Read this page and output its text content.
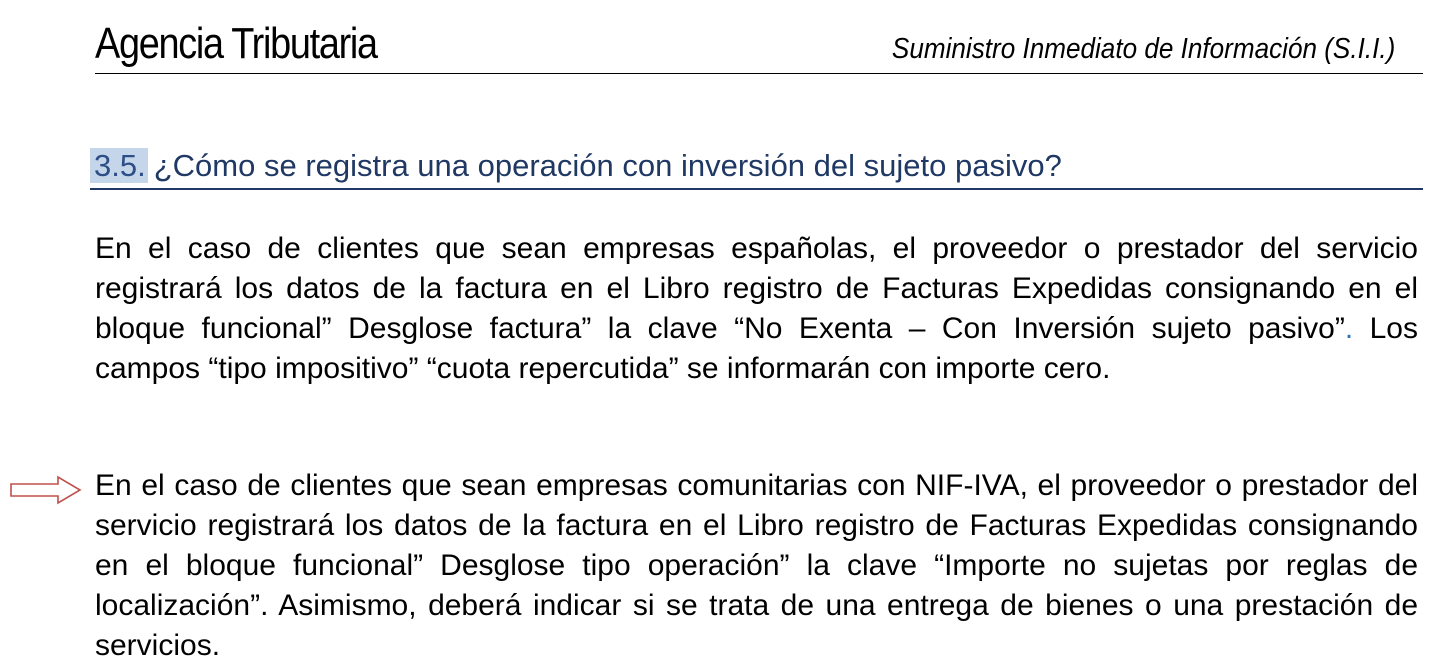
Agencia Tributaria	Suministro Inmediato de Información (S.I.I.)
3.5. ¿Cómo se registra una operación con inversión del sujeto pasivo?
En el caso de clientes que sean empresas españolas, el proveedor o prestador del servicio registrará los datos de la factura en el Libro registro de Facturas Expedidas consignando en el bloque funcional” Desglose factura” la clave “No Exenta – Con Inversión sujeto pasivo”. Los campos “tipo impositivo” “cuota repercutida” se informarán con importe cero.
En el caso de clientes que sean empresas comunitarias con NIF-IVA, el proveedor o prestador del servicio registrará los datos de la factura en el Libro registro de Facturas Expedidas consignando en el bloque funcional” Desglose tipo operación” la clave “Importe no sujetas por reglas de localización”. Asimismo, deberá indicar si se trata de una entrega de bienes o una prestación de servicios.
